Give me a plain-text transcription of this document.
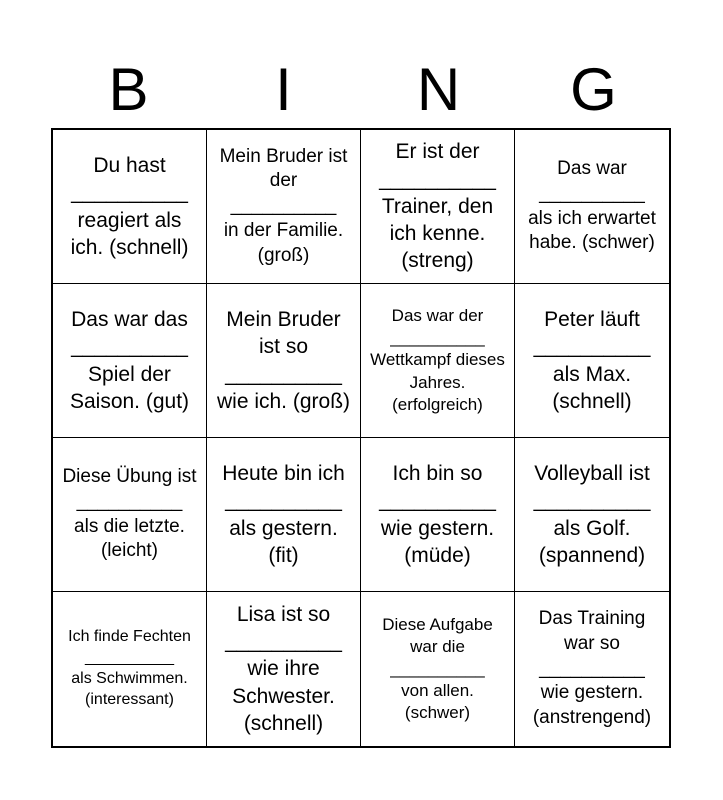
B	I	N	G
Du hast
__________
reagiert als ich. (schnell)
Mein Bruder ist der
__________
in der Familie. (groß)
Er ist der
__________
Trainer, den ich kenne. (streng)
Das war
__________
als ich erwartet habe. (schwer)
Das war das
__________
Spiel der Saison. (gut)
Mein Bruder ist so
__________
wie ich. (groß)
Das war der
__________
Wettkampf dieses Jahres. (erfolgreich)
Peter läuft
__________
als Max. (schnell)
Diese Übung ist
__________
als die letzte. (leicht)
Heute bin ich
__________
als gestern. (fit)
Ich bin so
__________
wie gestern. (müde)
Volleyball ist
__________
als Golf. (spannend)
Ich finde Fechten
__________
als Schwimmen. (interessant)
Lisa ist so
__________
wie ihre Schwester. (schnell)
Diese Aufgabe war die
__________
von allen. (schwer)
Das Training war so
__________
wie gestern. (anstrengend)
